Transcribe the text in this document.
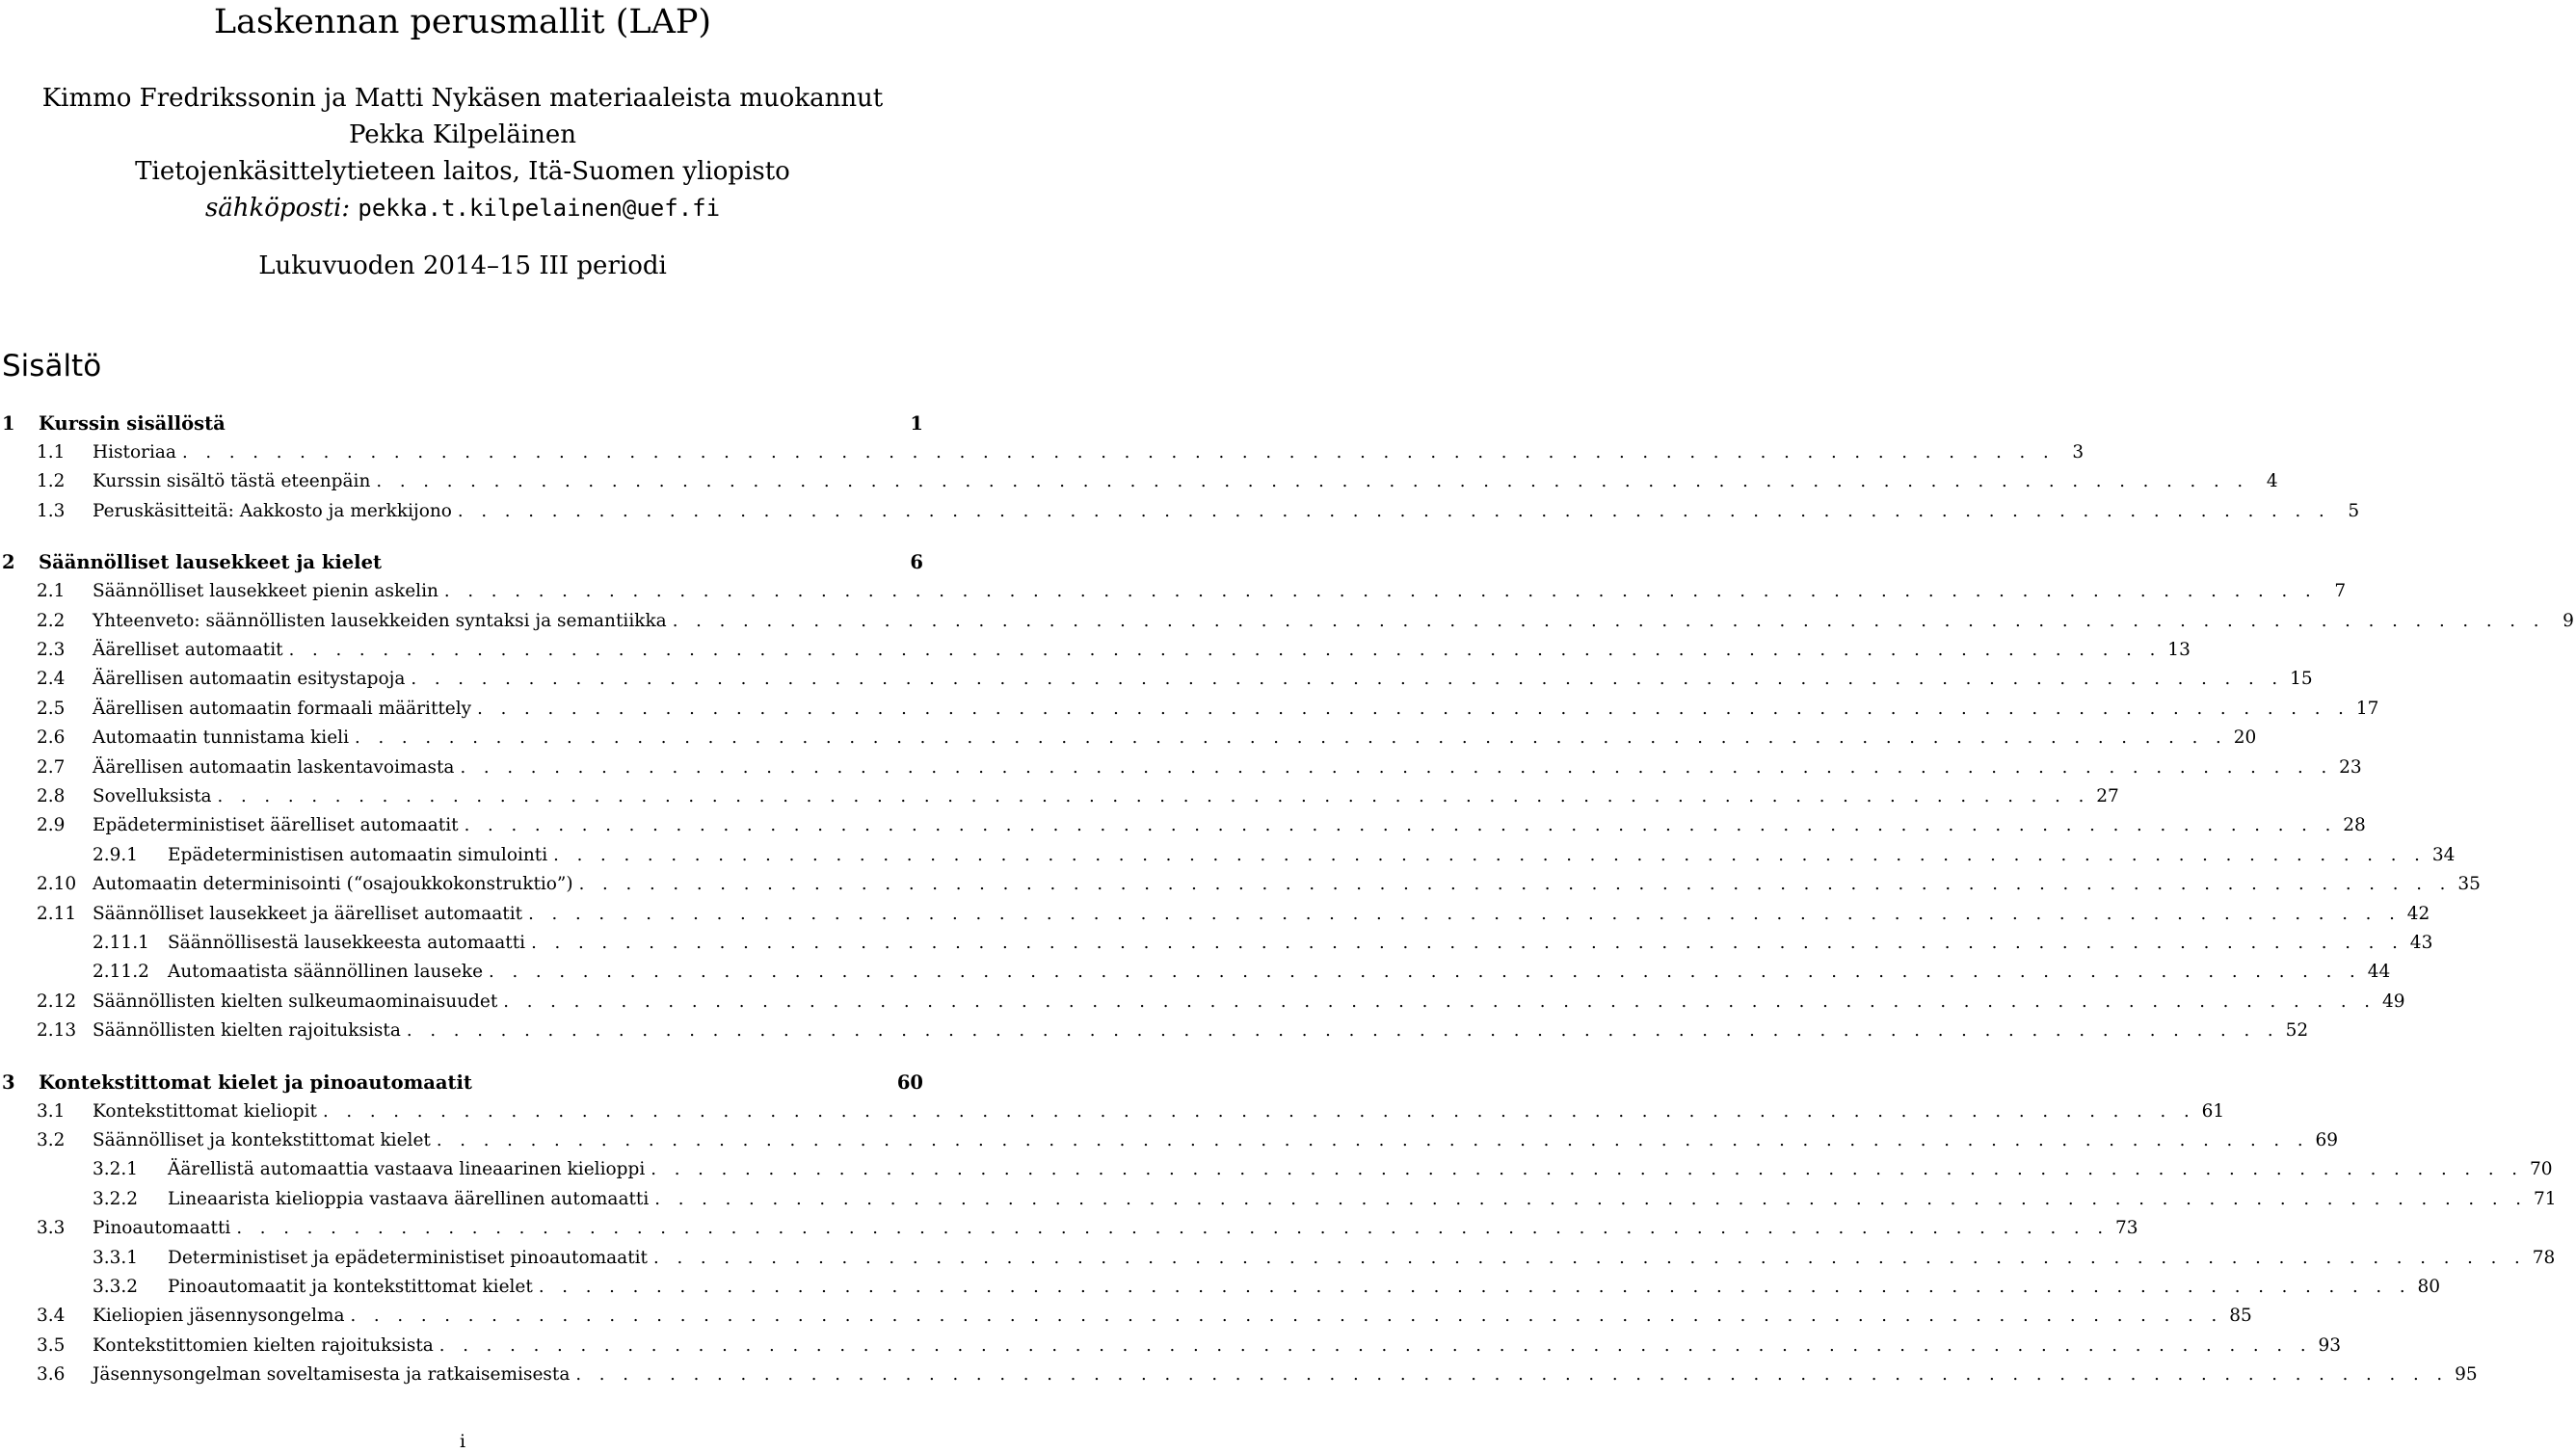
Laskennan perusmallit (LAP)
Kimmo Fredrikssonin ja Matti Nykäsen materiaaleista muokannut
Pekka Kilpeläinen
Tietojenkäsittelytieteen laitos, Itä-Suomen yliopisto
sähköposti: pekka.t.kilpelainen@uef.fi
Lukuvuoden 2014–15 III periodi
Sisältö
1	Kurssin sisällöstä	1
1.1	Historiaa . . . . . . . . . . . . . . . . . . . . . . . . . . . . . . . . . . . . . . . . . . . . . . . . . . . . . . . . . . . . . . . . . . . . . . . . . . . . . . . . 3
1.2	Kurssin sisältö tästä eteenpäin . . . . . . . . . . . . . . . . . . . . . . . . . . . . . . . . . . . . . . . . . . . . . . . . . . . . . . . . . . . . . . . . . . . . . . . . . . . . . . . . 4
1.3	Peruskäsitteitä: Aakkosto ja merkkijono . . . . . . . . . . . . . . . . . . . . . . . . . . . . . . . . . . . . . . . . . . . . . . . . . . . . . . . . . . . . . . . . . . . . . . . . . . . . . . . . 5
2	Säännölliset lausekkeet ja kielet	6
2.1	Säännölliset lausekkeet pienin askelin . . . . . . . . . . . . . . . . . . . . . . . . . . . . . . . . . . . . . . . . . . . . . . . . . . . . . . . . . . . . . . . . . . . . . . . . . . . . . . . . 7
2.2	Yhteenveto: säännöllisten lausekkeiden syntaksi ja semantiikka . . . . . . . . . . . . . . . . . . . . . . . . . . . . . . . . . . . . . . . . . . . . . . . . . . . . . . . . . . . . . . . . . . . . . . . . . . . . . . . . 9
2.3	Äärelliset automaatit . . . . . . . . . . . . . . . . . . . . . . . . . . . . . . . . . . . . . . . . . . . . . . . . . . . . . . . . . . . . . . . . . . . . . . . . . . . . . . . . 13
2.4	Äärellisen automaatin esitystapoja . . . . . . . . . . . . . . . . . . . . . . . . . . . . . . . . . . . . . . . . . . . . . . . . . . . . . . . . . . . . . . . . . . . . . . . . . . . . . . . . 15
2.5	Äärellisen automaatin formaali määrittely . . . . . . . . . . . . . . . . . . . . . . . . . . . . . . . . . . . . . . . . . . . . . . . . . . . . . . . . . . . . . . . . . . . . . . . . . . . . . . . . 17
2.6	Automaatin tunnistama kieli . . . . . . . . . . . . . . . . . . . . . . . . . . . . . . . . . . . . . . . . . . . . . . . . . . . . . . . . . . . . . . . . . . . . . . . . . . . . . . . . 20
2.7	Äärellisen automaatin laskentavoimasta . . . . . . . . . . . . . . . . . . . . . . . . . . . . . . . . . . . . . . . . . . . . . . . . . . . . . . . . . . . . . . . . . . . . . . . . . . . . . . . . 23
2.8	Sovelluksista . . . . . . . . . . . . . . . . . . . . . . . . . . . . . . . . . . . . . . . . . . . . . . . . . . . . . . . . . . . . . . . . . . . . . . . . . . . . . . . . 27
2.9	Epädeterministiset äärelliset automaatit . . . . . . . . . . . . . . . . . . . . . . . . . . . . . . . . . . . . . . . . . . . . . . . . . . . . . . . . . . . . . . . . . . . . . . . . . . . . . . . . 28
2.9.1	Epädeterministisen automaatin simulointi . . . . . . . . . . . . . . . . . . . . . . . . . . . . . . . . . . . . . . . . . . . . . . . . . . . . . . . . . . . . . . . . . . . . . . . . . . . . . . . . 34
2.10 Automaatin determinisointi (“osajoukkokonstruktio”) . . . . . . . . . . . . . . . . . . . . . . . . . . . . . . . . . . . . . . . . . . . . . . . . . . . . . . . . . . . . . . . . . . . . . . . . . . . . . . . . 35
2.11 Säännölliset lausekkeet ja äärelliset automaatit . . . . . . . . . . . . . . . . . . . . . . . . . . . . . . . . . . . . . . . . . . . . . . . . . . . . . . . . . . . . . . . . . . . . . . . . . . . . . . . . 42
2.11.1	Säännöllisestä lausekkeesta automaatti . . . . . . . . . . . . . . . . . . . . . . . . . . . . . . . . . . . . . . . . . . . . . . . . . . . . . . . . . . . . . . . . . . . . . . . . . . . . . . . . 43
2.11.2	Automaatista säännöllinen lauseke . . . . . . . . . . . . . . . . . . . . . . . . . . . . . . . . . . . . . . . . . . . . . . . . . . . . . . . . . . . . . . . . . . . . . . . . . . . . . . . . 44
2.12 Säännöllisten kielten sulkeumaominaisuudet . . . . . . . . . . . . . . . . . . . . . . . . . . . . . . . . . . . . . . . . . . . . . . . . . . . . . . . . . . . . . . . . . . . . . . . . . . . . . . . . 49
2.13 Säännöllisten kielten rajoituksista . . . . . . . . . . . . . . . . . . . . . . . . . . . . . . . . . . . . . . . . . . . . . . . . . . . . . . . . . . . . . . . . . . . . . . . . . . . . . . . . 52
3	Kontekstittomat kielet ja pinoautomaatit	60
3.1	Kontekstittomat kieliopit . . . . . . . . . . . . . . . . . . . . . . . . . . . . . . . . . . . . . . . . . . . . . . . . . . . . . . . . . . . . . . . . . . . . . . . . . . . . . . . . 61
3.2	Säännölliset ja kontekstittomat kielet . . . . . . . . . . . . . . . . . . . . . . . . . . . . . . . . . . . . . . . . . . . . . . . . . . . . . . . . . . . . . . . . . . . . . . . . . . . . . . . . 69
3.2.1	Äärellistä automaattia vastaava lineaarinen kielioppi . . . . . . . . . . . . . . . . . . . . . . . . . . . . . . . . . . . . . . . . . . . . . . . . . . . . . . . . . . . . . . . . . . . . . . . . . . . . . . . . 70
3.2.2	Lineaarista kielioppia vastaava äärellinen automaatti . . . . . . . . . . . . . . . . . . . . . . . . . . . . . . . . . . . . . . . . . . . . . . . . . . . . . . . . . . . . . . . . . . . . . . . . . . . . . . . . 71
3.3	Pinoautomaatti . . . . . . . . . . . . . . . . . . . . . . . . . . . . . . . . . . . . . . . . . . . . . . . . . . . . . . . . . . . . . . . . . . . . . . . . . . . . . . . . 73
3.3.1	Deterministiset ja epädeterministiset pinoautomaatit . . . . . . . . . . . . . . . . . . . . . . . . . . . . . . . . . . . . . . . . . . . . . . . . . . . . . . . . . . . . . . . . . . . . . . . . . . . . . . . . 78
3.3.2	Pinoautomaatit ja kontekstittomat kielet . . . . . . . . . . . . . . . . . . . . . . . . . . . . . . . . . . . . . . . . . . . . . . . . . . . . . . . . . . . . . . . . . . . . . . . . . . . . . . . . 80
3.4	Kieliopien jäsennysongelma . . . . . . . . . . . . . . . . . . . . . . . . . . . . . . . . . . . . . . . . . . . . . . . . . . . . . . . . . . . . . . . . . . . . . . . . . . . . . . . . 85
3.5	Kontekstittomien kielten rajoituksista . . . . . . . . . . . . . . . . . . . . . . . . . . . . . . . . . . . . . . . . . . . . . . . . . . . . . . . . . . . . . . . . . . . . . . . . . . . . . . . . 93
3.6	Jäsennysongelman soveltamisesta ja ratkaisemisesta . . . . . . . . . . . . . . . . . . . . . . . . . . . . . . . . . . . . . . . . . . . . . . . . . . . . . . . . . . . . . . . . . . . . . . . . . . . . . . . . 95
i
